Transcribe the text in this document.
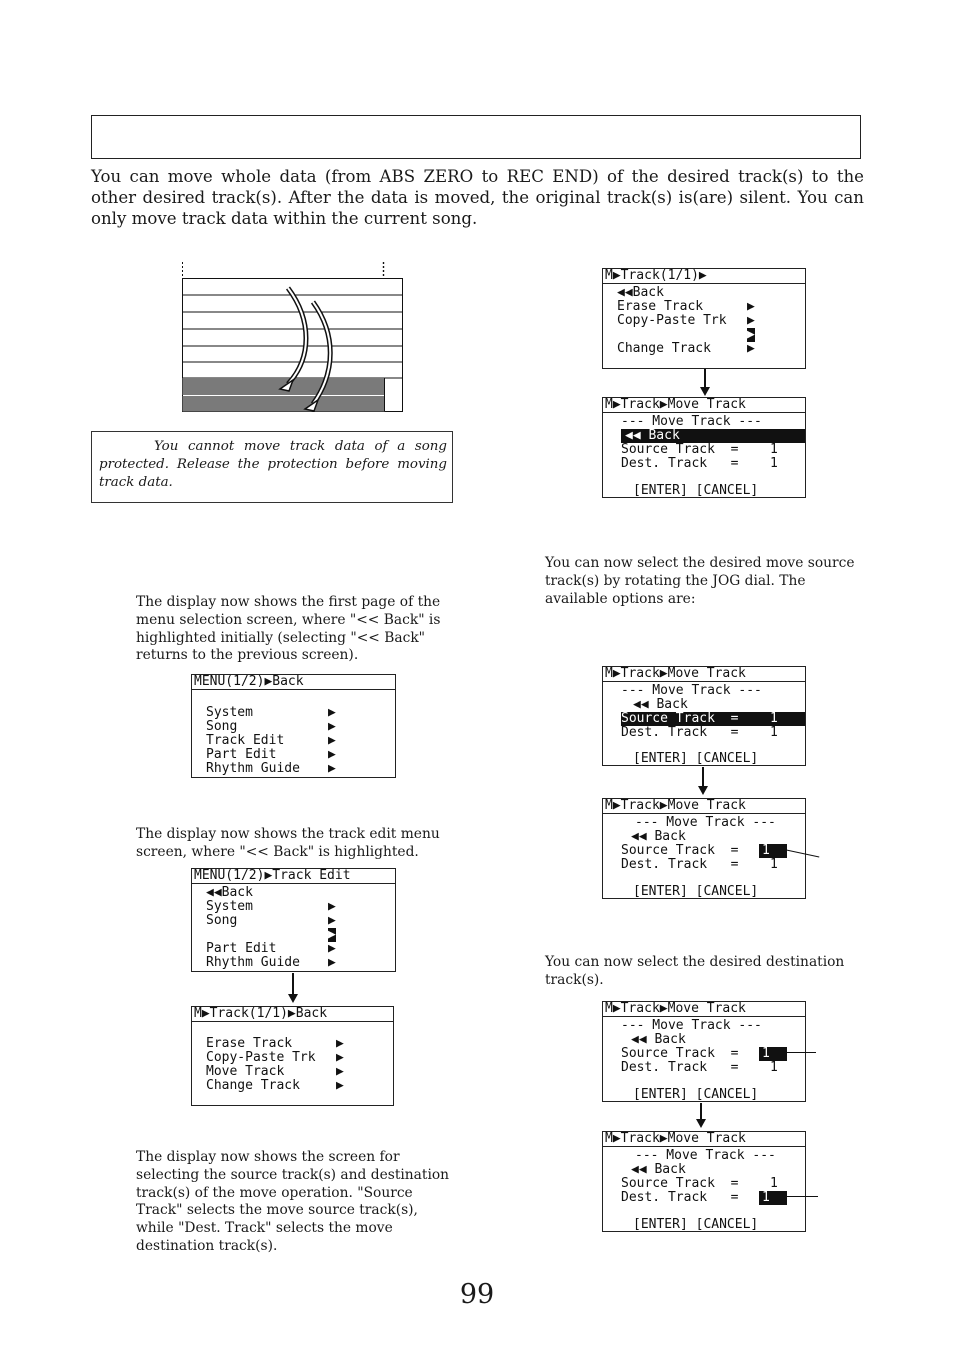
You can move whole data (from ABS ZERO to REC END) of the desired track(s) to the other desired track(s). After the data is moved, the original track(s) is(are) silent. You can only move track data within the current song.
You cannot move track data of a song protected. Release the protection before moving track data.
The display now shows the first page of the menu selection screen, where "<< Back" is highlighted initially (selecting "<< Back" returns to the previous screen).
The display now shows the track edit menu screen, where "<< Back" is highlighted.
The display now shows the screen for selecting the source track(s) and destination track(s) of the move operation. "Source Track" selects the move source track(s), while "Dest. Track" selects the move destination track(s).
You can now select the desired move source track(s) by rotating the JOG dial. The available options are:
You can now select the desired destination track(s).
MENU(1/2)▶Back

System
Song
Track Edit
Part Edit
Rhythm Guide
▶
▶
▶
▶
▶
MENU(1/2)▶Track Edit
◀◀Back
System
Song

Part Edit
Rhythm Guide
▶
▶
▶
▶
▶
M▶Track(1/1)▶Back

Erase Track
Copy-Paste Trk
Move Track
Change Track
▶
▶
▶
▶
M▶Track(1/1)▶
◀◀Back
Erase Track
Copy-Paste Trk

Change Track
▶
▶
▶
▶
M▶Track▶Move Track
--- Move Track ---
◀◀ Back
Source Track  =	1
Dest. Track   =	1
[ENTER] [CANCEL]
M▶Track▶Move Track
--- Move Track ---
◀◀ Back
Source Track  =	1
Dest. Track   =	1
[ENTER] [CANCEL]
M▶Track▶Move Track
--- Move Track ---
◀◀ Back
Source Track  =	1
Dest. Track   =	1
[ENTER] [CANCEL]
M▶Track▶Move Track
--- Move Track ---
◀◀ Back
Source Track  =	1
Dest. Track   =	1
[ENTER] [CANCEL]
M▶Track▶Move Track
--- Move Track ---
◀◀ Back
Source Track  =	1
Dest. Track   =	1
[ENTER] [CANCEL]
99
